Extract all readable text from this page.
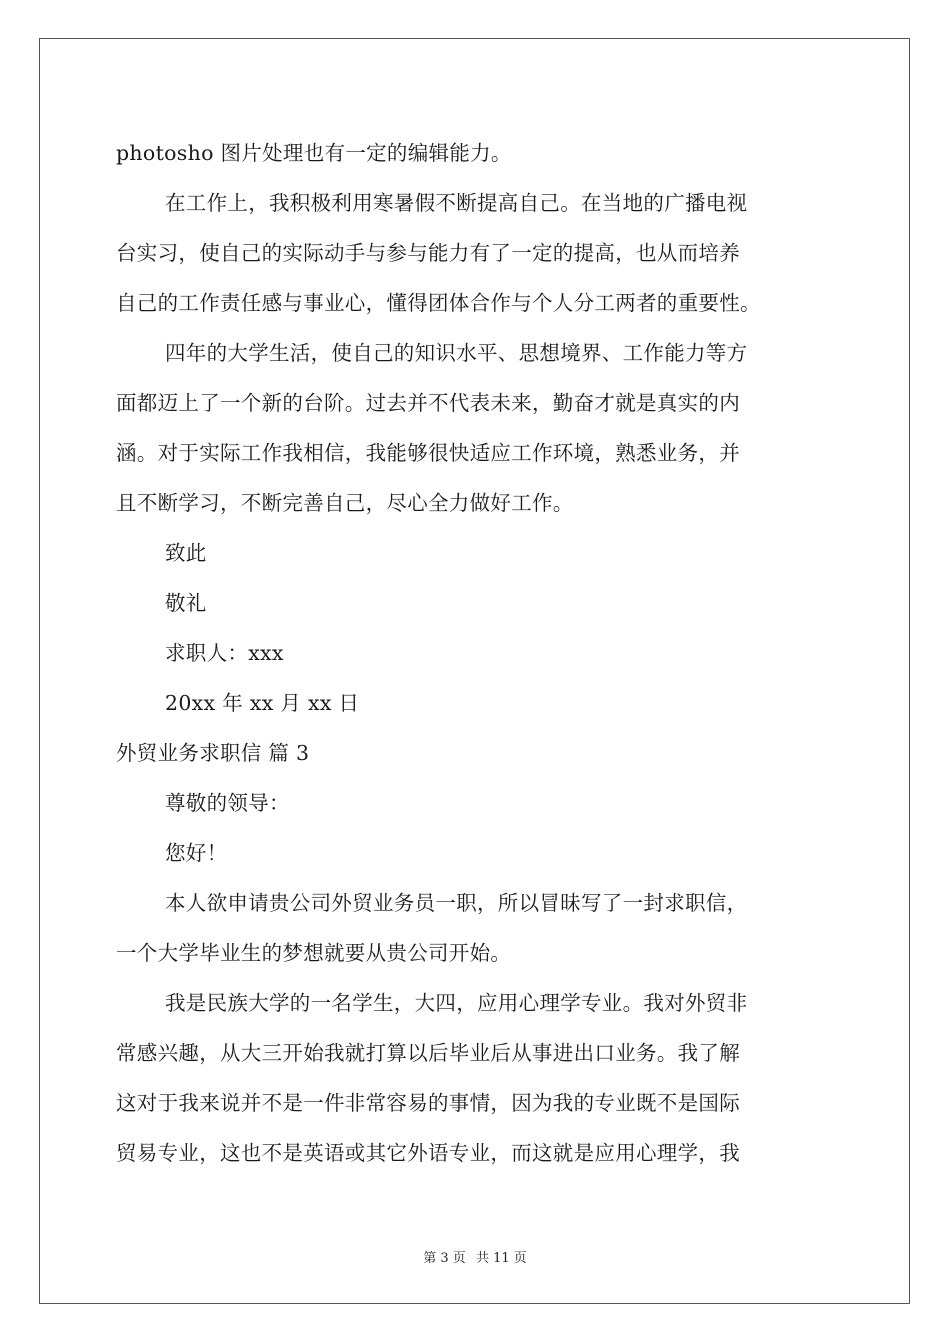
photosho 图片处理也有一定的编辑能力。
在工作上，我积极利用寒暑假不断提高自己。在当地的广播电视
台实习，使自己的实际动手与参与能力有了一定的提高，也从而培养
自己的工作责任感与事业心，懂得团体合作与个人分工两者的重要性。
四年的大学生活，使自己的知识水平、思想境界、工作能力等方
面都迈上了一个新的台阶。过去并不代表未来，勤奋才就是真实的内
涵。对于实际工作我相信，我能够很快适应工作环境，熟悉业务，并
且不断学习，不断完善自己，尽心全力做好工作。
致此
敬礼
求职人：xxx
20xx 年 xx 月 xx 日
外贸业务求职信 篇 3
尊敬的领导：
您好！
本人欲申请贵公司外贸业务员一职，所以冒昧写了一封求职信，
一个大学毕业生的梦想就要从贵公司开始。
我是民族大学的一名学生，大四，应用心理学专业。我对外贸非
常感兴趣，从大三开始我就打算以后毕业后从事进出口业务。我了解
这对于我来说并不是一件非常容易的事情，因为我的专业既不是国际
贸易专业，这也不是英语或其它外语专业，而这就是应用心理学，我
第 3 页 共 11 页
